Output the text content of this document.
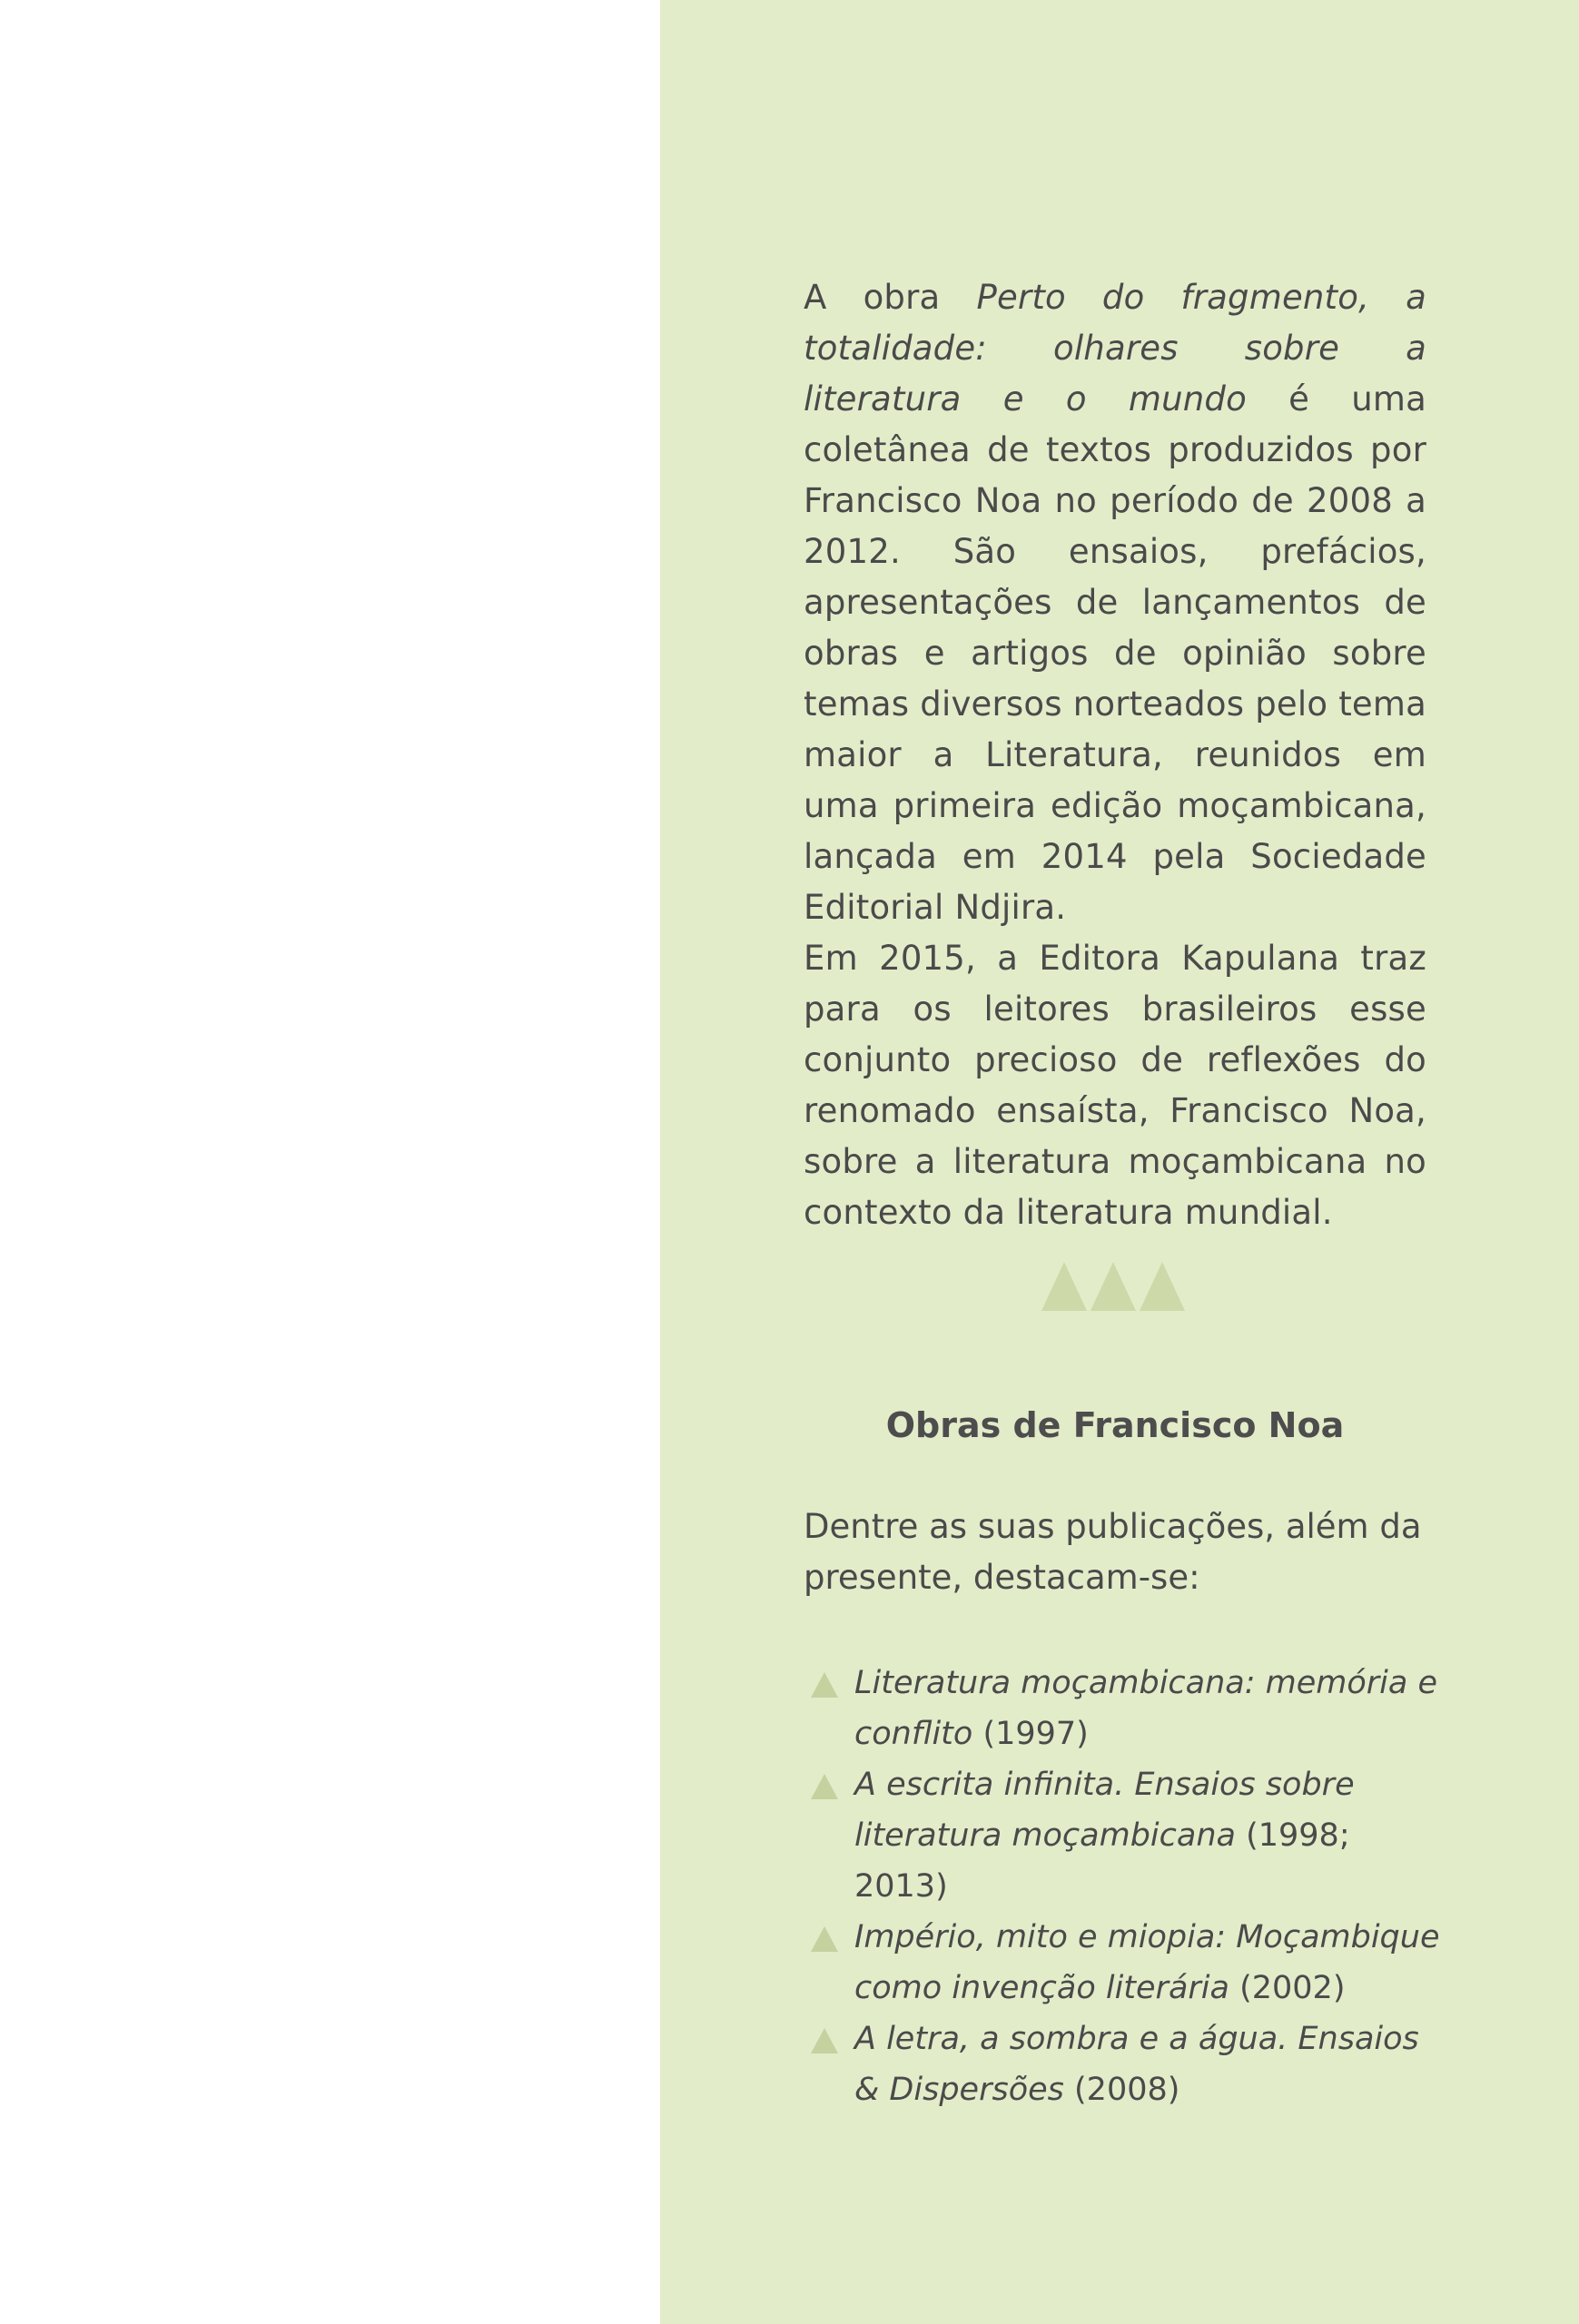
A obra Perto do fragmento, a totalidade: olhares sobre a literatura e o mundo é uma coletânea de textos produzidos por Francisco Noa no período de 2008 a 2012. São ensaios, prefácios, apresentações de lançamentos de obras e artigos de opinião sobre temas diversos norteados pelo tema maior a Literatura, reunidos em uma primeira edição moçambicana, lançada em 2014 pela Sociedade Editorial Ndjira.

Em 2015, a Editora Kapulana traz para os leitores brasileiros esse conjunto precioso de reflexões do renomado ensaísta, Francisco Noa, sobre a literatura moçambicana no contexto da literatura mundial.

Obras de Francisco Noa

Dentre as suas publicações, além da presente, destacam-se:

Literatura moçambicana: memória e conflito (1997)
A escrita infinita. Ensaios sobre literatura moçambicana (1998; 2013)
Império, mito e miopia: Moçambique como invenção literária (2002)
A letra, a sombra e a água. Ensaios & Dispersões (2008)
